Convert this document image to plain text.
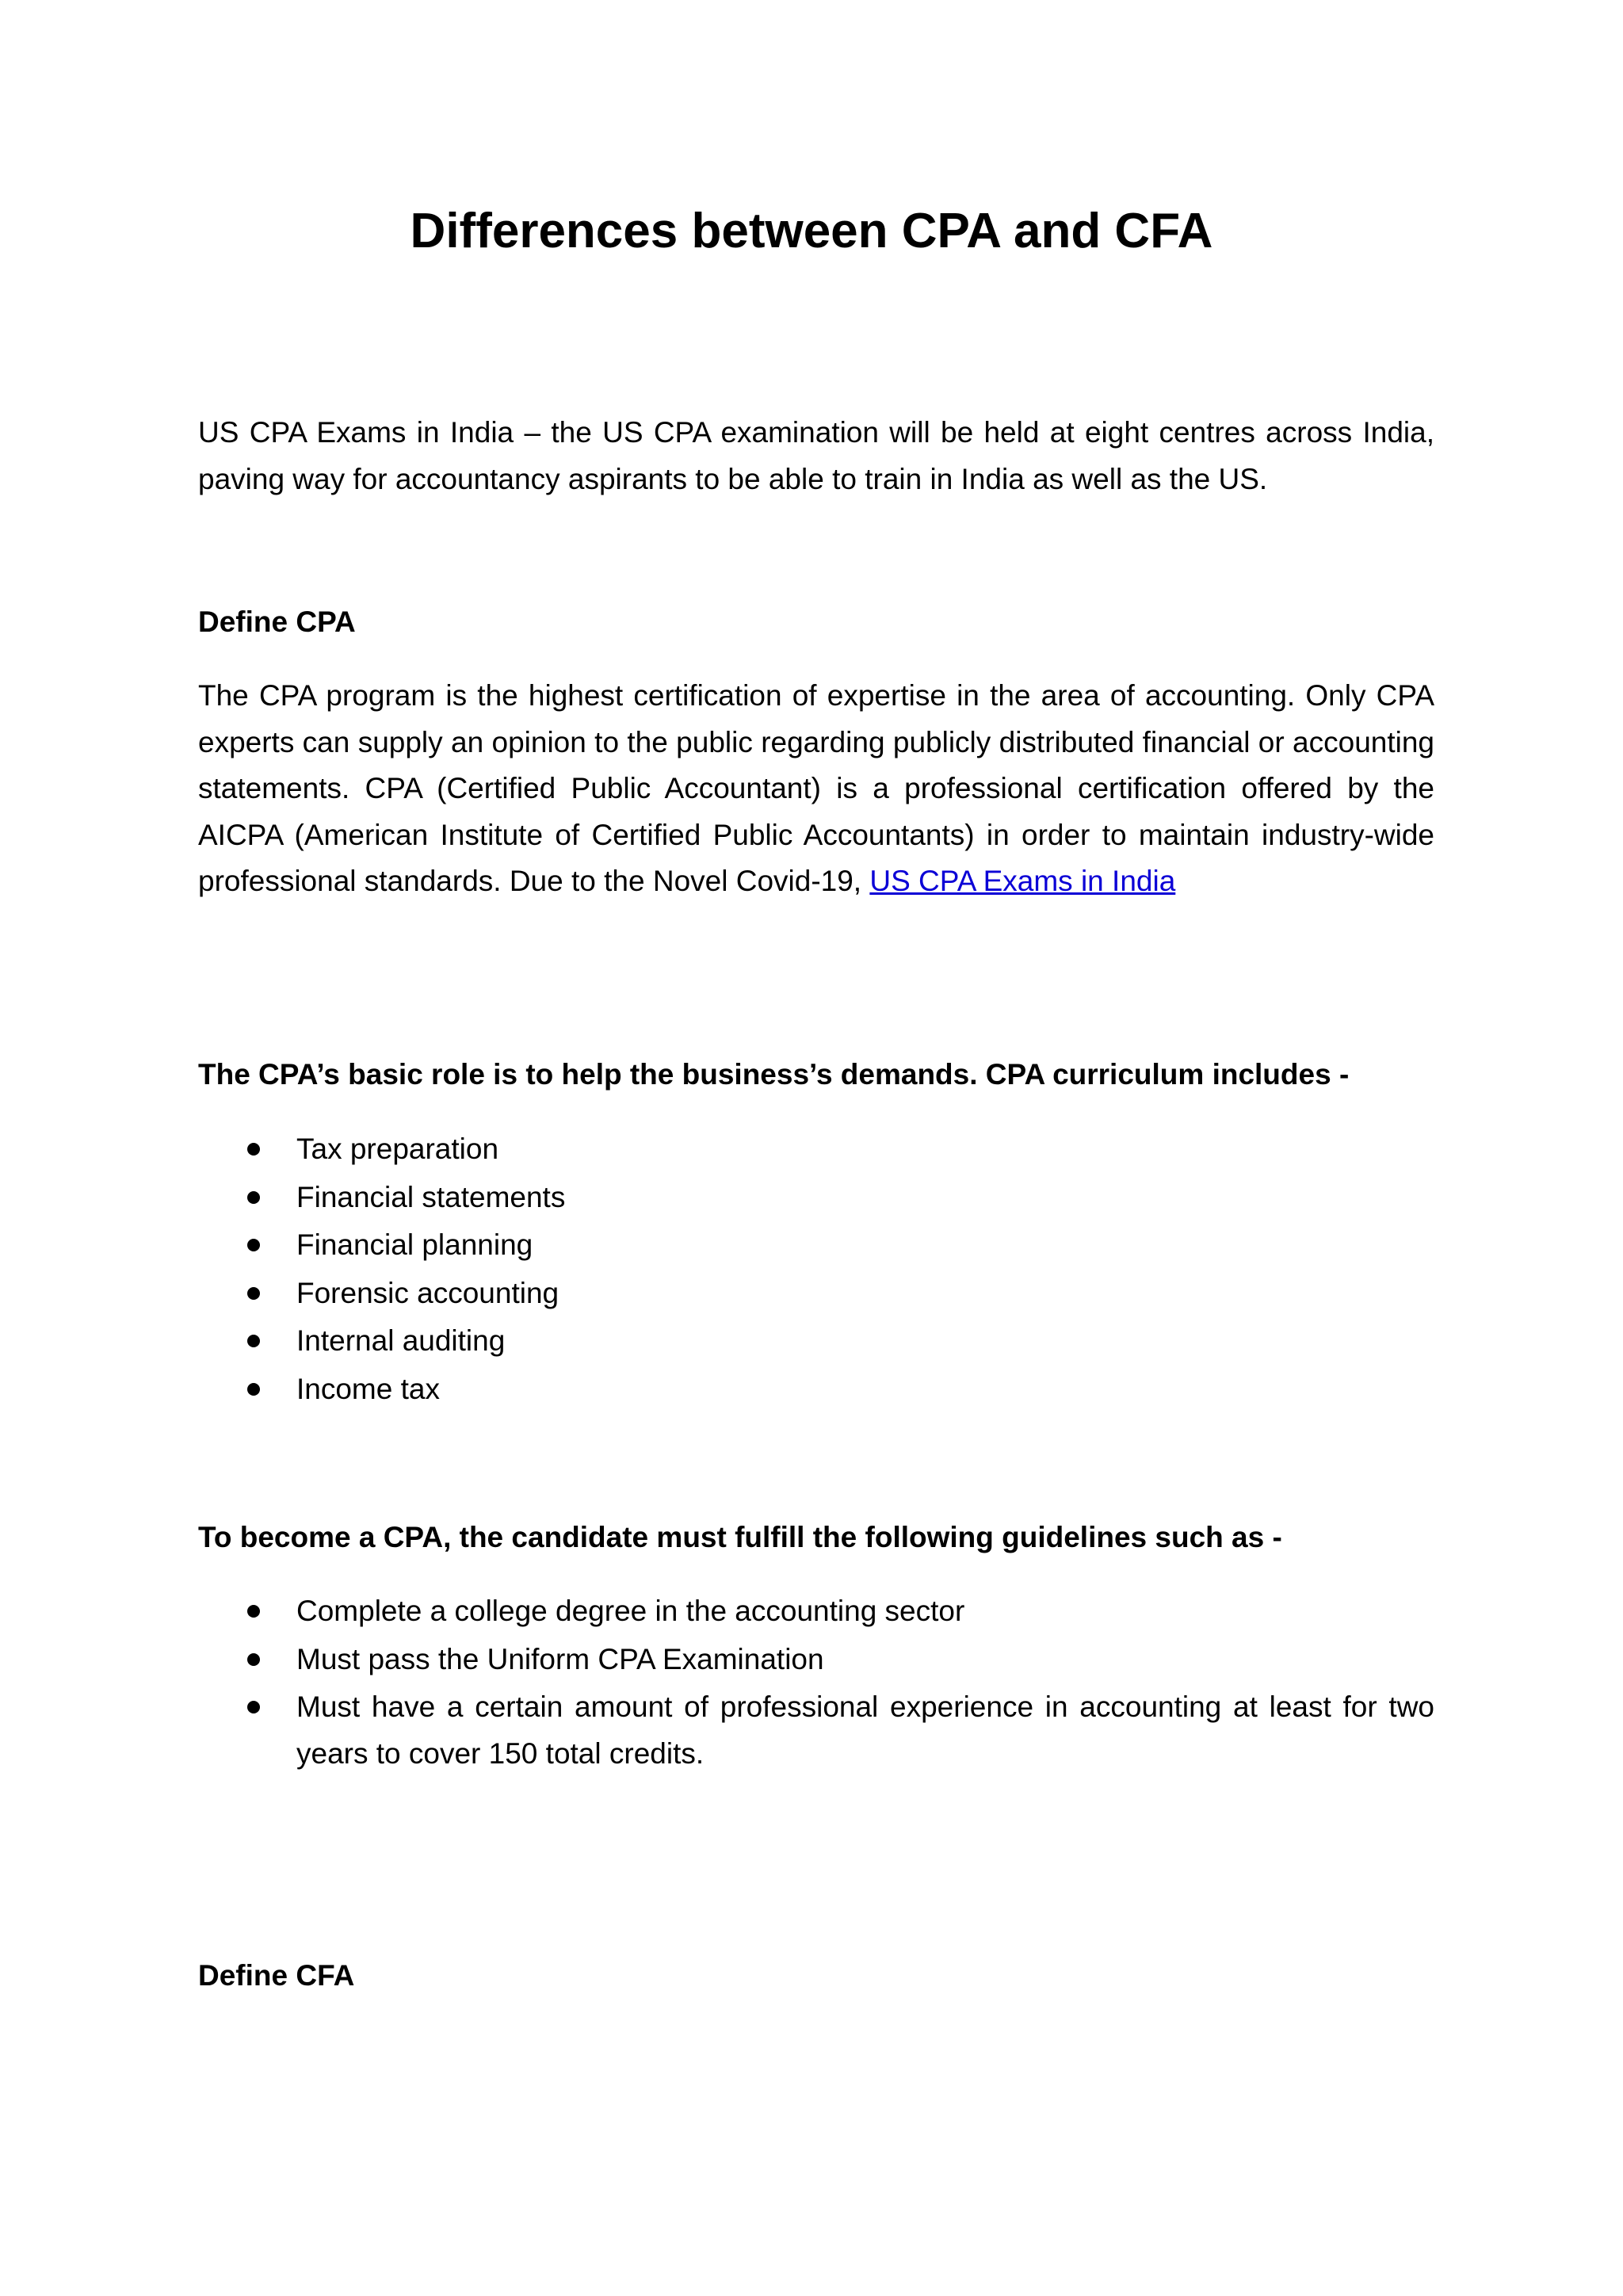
Differences between CPA and CFA

US CPA Exams in India – the US CPA examination will be held at eight centres across India, paving way for accountancy aspirants to be able to train in India as well as the US.

Define CPA

The CPA program is the highest certification of expertise in the area of accounting. Only CPA experts can supply an opinion to the public regarding publicly distributed financial or accounting statements. CPA (Certified Public Accountant) is a professional certification offered by the AICPA (American Institute of Certified Public Accountants) in order to maintain industry-wide professional standards. Due to the Novel Covid-19, US CPA Exams in India

The CPA’s basic role is to help the business’s demands. CPA curriculum includes -

Tax preparation
Financial statements
Financial planning
Forensic accounting
Internal auditing
Income tax

To become a CPA, the candidate must fulfill the following guidelines such as -

Complete a college degree in the accounting sector
Must pass the Uniform CPA Examination
Must have a certain amount of professional experience in accounting at least for two years to cover 150 total credits.

Define CFA
